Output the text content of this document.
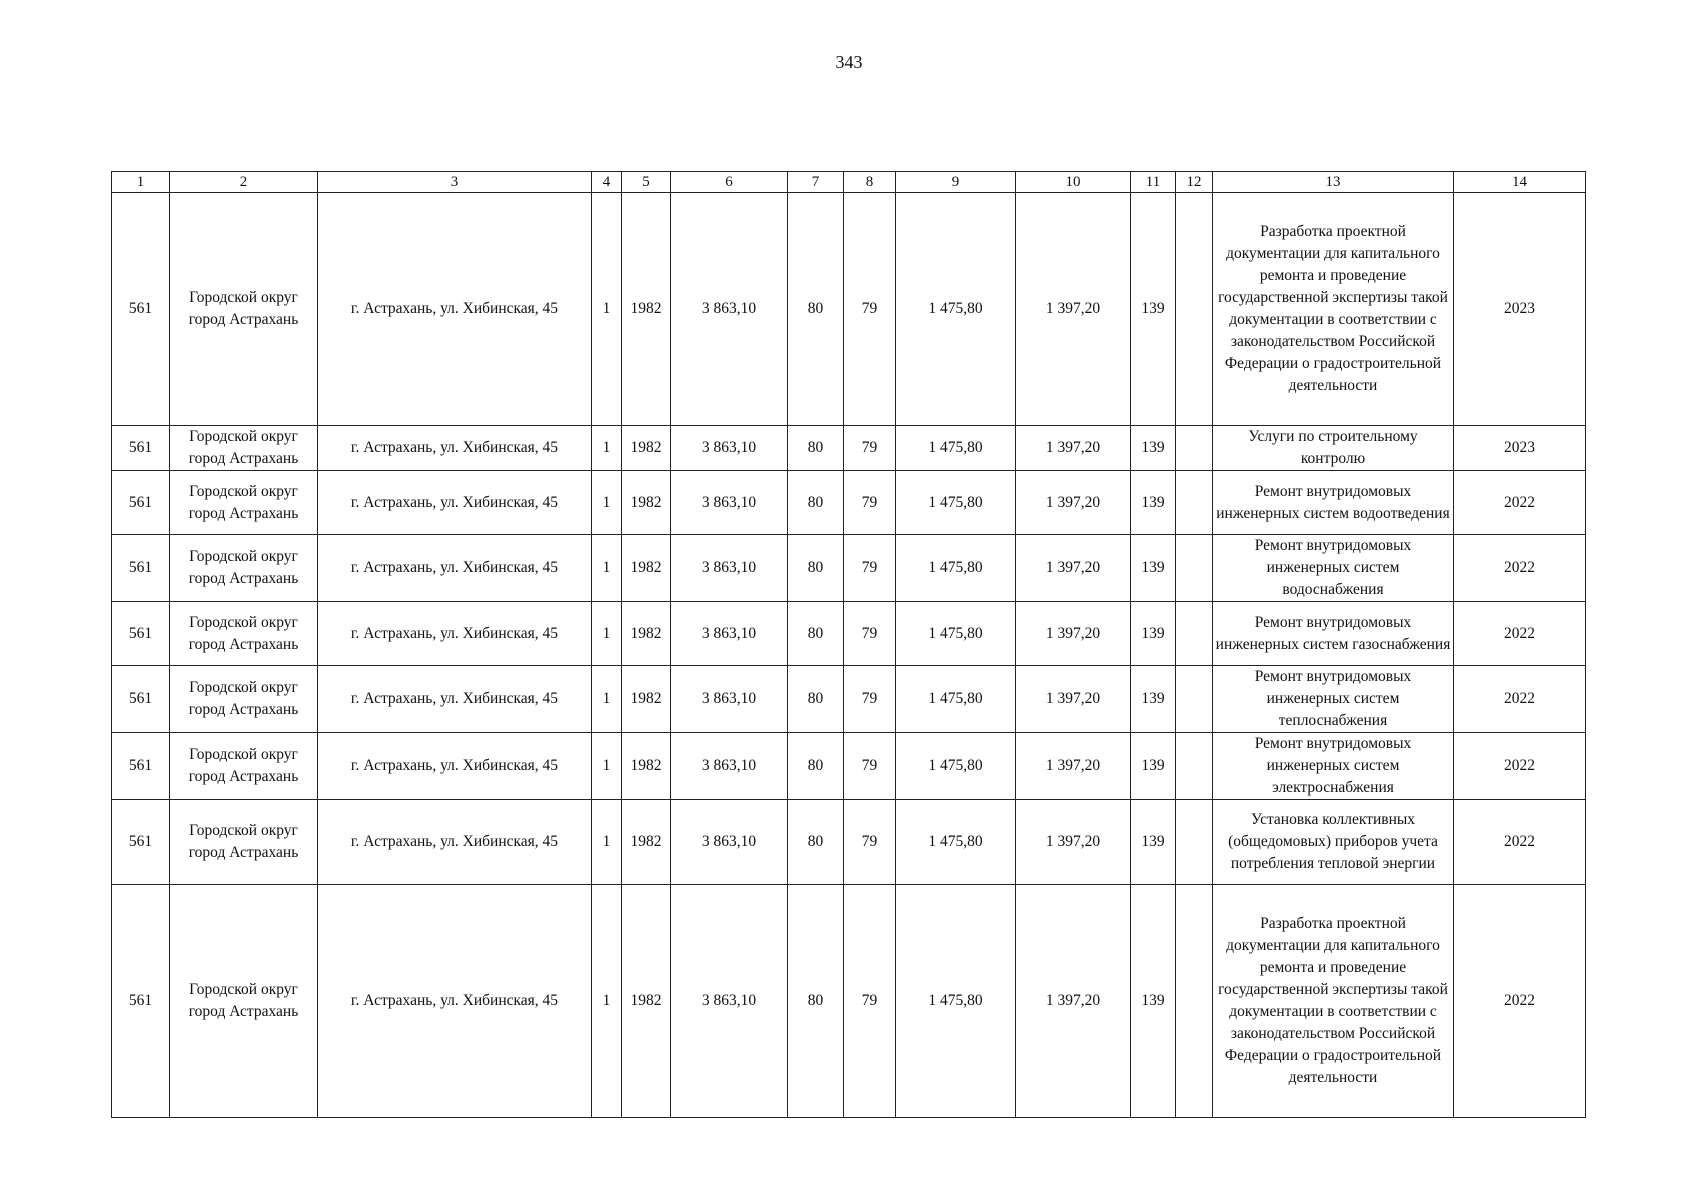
343
1	2	3	4	5	6	7	8	9	10	11	12	13	14
561	Городской округ город Астрахань	г. Астрахань, ул. Хибинская, 45	1	1982	3 863,10	80	79	1 475,80	1 397,20	139		Разработка проектной документации для капитального ремонта и проведение государственной экспертизы такой документации в соответствии с законодательством Российской Федерации о градостроительной деятельности	2023
561	Городской округ город Астрахань	г. Астрахань, ул. Хибинская, 45	1	1982	3 863,10	80	79	1 475,80	1 397,20	139		Услуги по строительному контролю	2023
561	Городской округ город Астрахань	г. Астрахань, ул. Хибинская, 45	1	1982	3 863,10	80	79	1 475,80	1 397,20	139		Ремонт внутридомовых инженерных систем водоотведения	2022
561	Городской округ город Астрахань	г. Астрахань, ул. Хибинская, 45	1	1982	3 863,10	80	79	1 475,80	1 397,20	139		Ремонт внутридомовых инженерных систем водоснабжения	2022
561	Городской округ город Астрахань	г. Астрахань, ул. Хибинская, 45	1	1982	3 863,10	80	79	1 475,80	1 397,20	139		Ремонт внутридомовых инженерных систем газоснабжения	2022
561	Городской округ город Астрахань	г. Астрахань, ул. Хибинская, 45	1	1982	3 863,10	80	79	1 475,80	1 397,20	139		Ремонт внутридомовых инженерных систем теплоснабжения	2022
561	Городской округ город Астрахань	г. Астрахань, ул. Хибинская, 45	1	1982	3 863,10	80	79	1 475,80	1 397,20	139		Ремонт внутридомовых инженерных систем электроснабжения	2022
561	Городской округ город Астрахань	г. Астрахань, ул. Хибинская, 45	1	1982	3 863,10	80	79	1 475,80	1 397,20	139		Установка коллективных (общедомовых) приборов учета потребления тепловой энергии	2022
561	Городской округ город Астрахань	г. Астрахань, ул. Хибинская, 45	1	1982	3 863,10	80	79	1 475,80	1 397,20	139		Разработка проектной документации для капитального ремонта и проведение государственной экспертизы такой документации в соответствии с законодательством Российской Федерации о градостроительной деятельности	2022
